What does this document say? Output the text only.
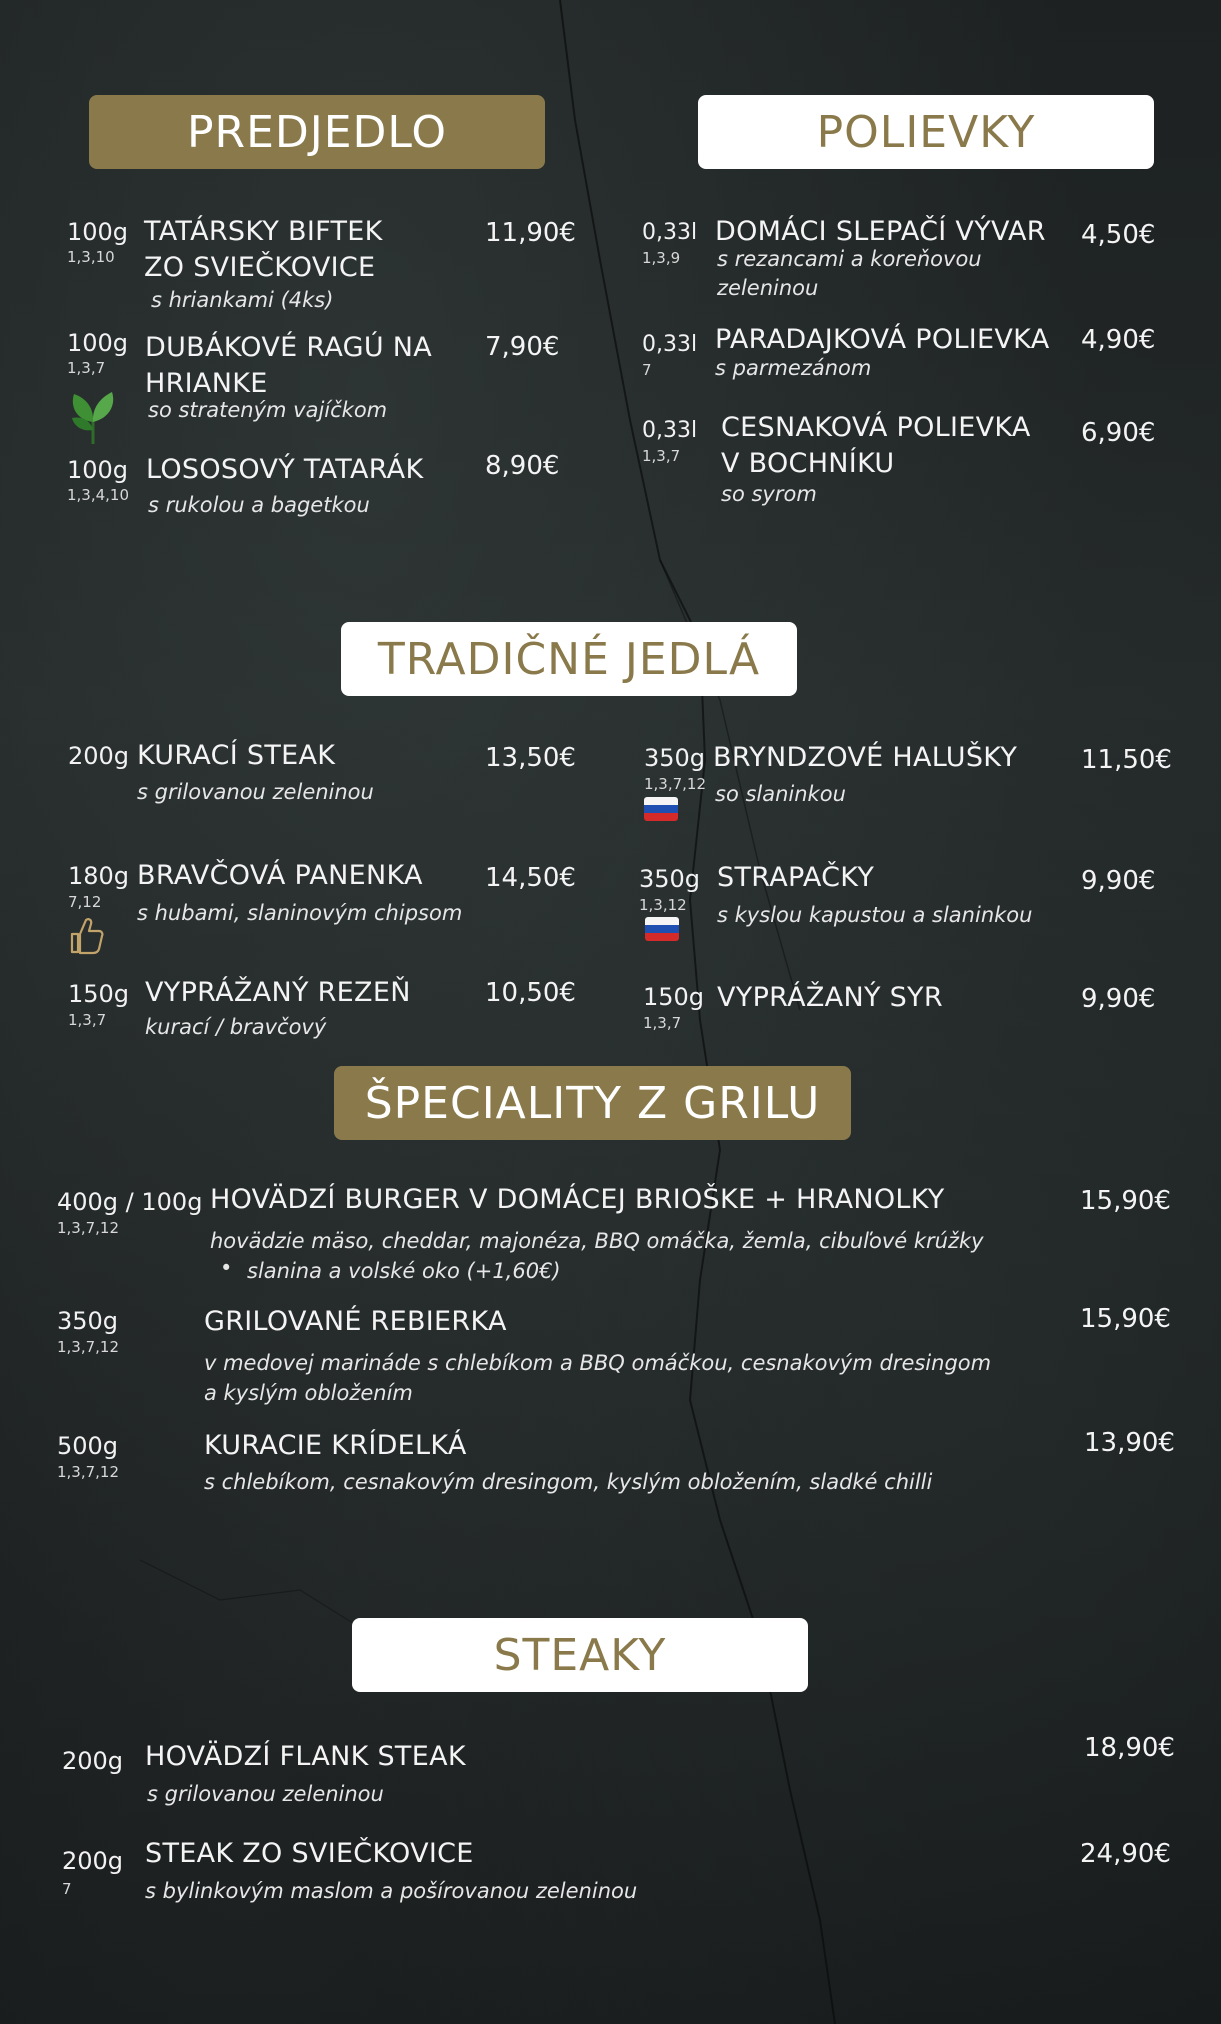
PREDJEDLO
100g
1,3,10
TATÁRSKY BIFTEK
ZO SVIEČKOVICE
s hriankami (4ks)
11,90€
100g
1,3,7
DUBÁKOVÉ RAGÚ NA
HRIANKE
so strateným vajíčkom
7,90€
100g
1,3,4,10
LOSOSOVÝ TATARÁK
s rukolou a bagetkou
8,90€
POLIEVKY
0,33l
1,3,9
DOMÁCI SLEPAČÍ VÝVAR
s rezancami a koreňovou
zeleninou
4,50€
0,33l
7
PARADAJKOVÁ POLIEVKA
s parmezánom
4,90€
0,33l
1,3,7
CESNAKOVÁ POLIEVKA
V BOCHNÍKU
so syrom
6,90€
TRADIČNÉ JEDLÁ
200g KURACÍ STEAK
s grilovanou zeleninou
13,50€
180g
7,12
BRAVČOVÁ PANENKA
s hubami, slaninovým chipsom
14,50€
150g
1,3,7
VYPRÁŽANÝ REZEŇ
kurací / bravčový
10,50€
350g
1,3,7,12
BRYNDZOVÉ HALUŠKY
so slaninkou
11,50€
350g
1,3,12
STRAPAČKY
s kyslou kapustou a slaninkou
9,90€
150g
1,3,7
VYPRÁŽANÝ SYR	9,90€
ŠPECIALITY Z GRILU
400g / 100g
1,3,7,12
HOVÄDZÍ BURGER V DOMÁCEJ BRIOŠKE + HRANOLKY
hovädzie mäso, cheddar, majonéza, BBQ omáčka, žemla, cibuľové krúžky
• slanina a volské oko (+1,60€)
15,90€
350g
1,3,7,12
GRILOVANÉ REBIERKA
v medovej marináde s chlebíkom a BBQ omáčkou, cesnakovým dresingom
a kyslým obložením
15,90€
500g
1,3,7,12
KURACIE KRÍDELKÁ
s chlebíkom, cesnakovým dresingom, kyslým obložením, sladké chilli
13,90€
STEAKY
200g HOVÄDZÍ FLANK STEAK
s grilovanou zeleninou
18,90€
200g
7
STEAK ZO SVIEČKOVICE
s bylinkovým maslom a pošírovanou zeleninou
24,90€
